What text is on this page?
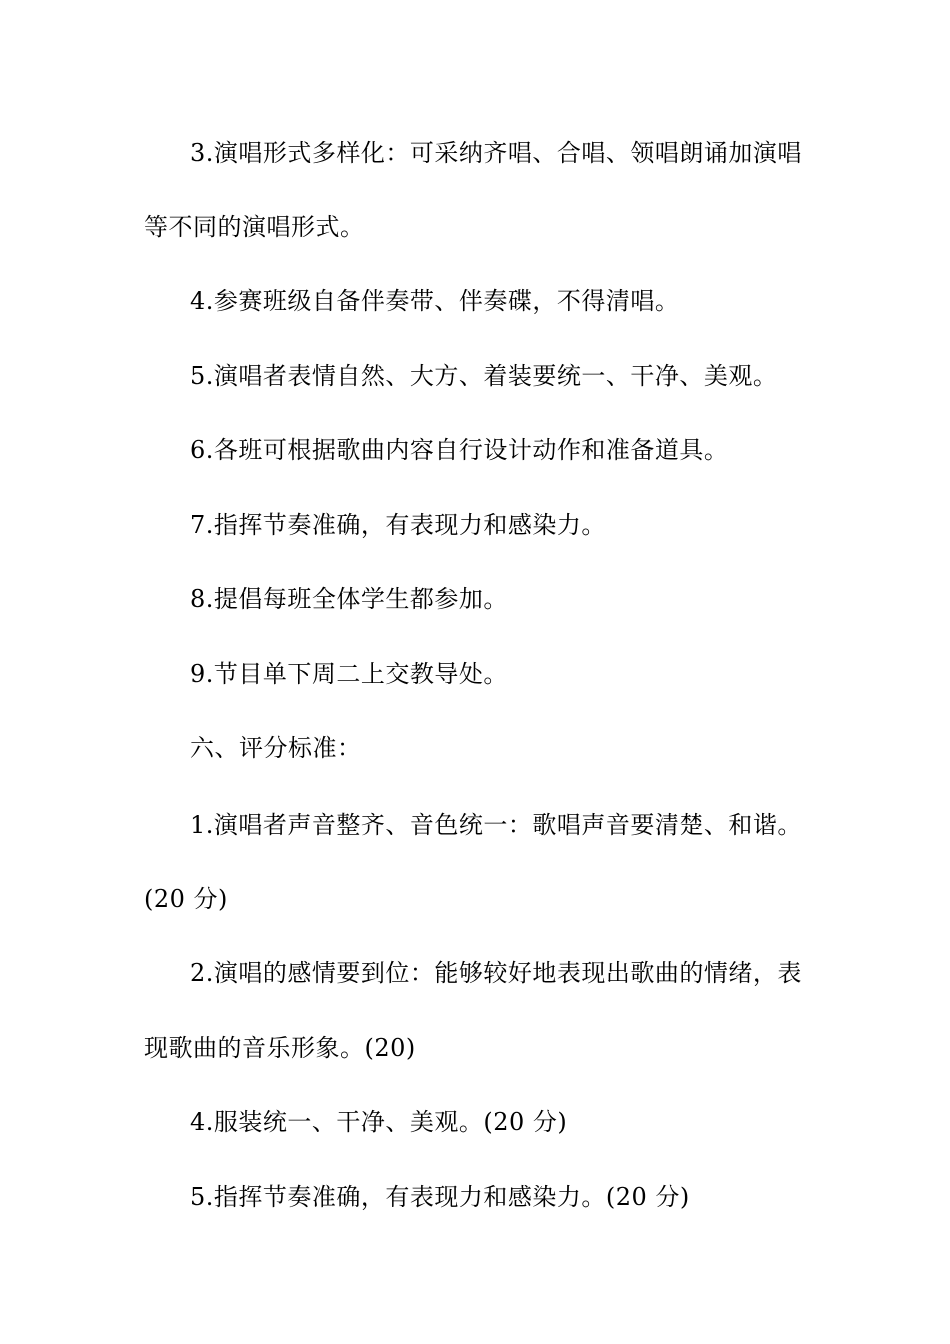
3.演唱形式多样化：可采纳齐唱、合唱、领唱朗诵加演唱
等不同的演唱形式。
4.参赛班级自备伴奏带、伴奏碟，不得清唱。
5.演唱者表情自然、大方、着装要统一、干净、美观。
6.各班可根据歌曲内容自行设计动作和准备道具。
7.指挥节奏准确，有表现力和感染力。
8.提倡每班全体学生都参加。
9.节目单下周二上交教导处。
六、评分标准：
1.演唱者声音整齐、音色统一：歌唱声音要清楚、和谐。
(20 分)
2.演唱的感情要到位：能够较好地表现出歌曲的情绪，表
现歌曲的音乐形象。(20)
4.服装统一、干净、美观。(20 分)
5.指挥节奏准确，有表现力和感染力。(20 分)
